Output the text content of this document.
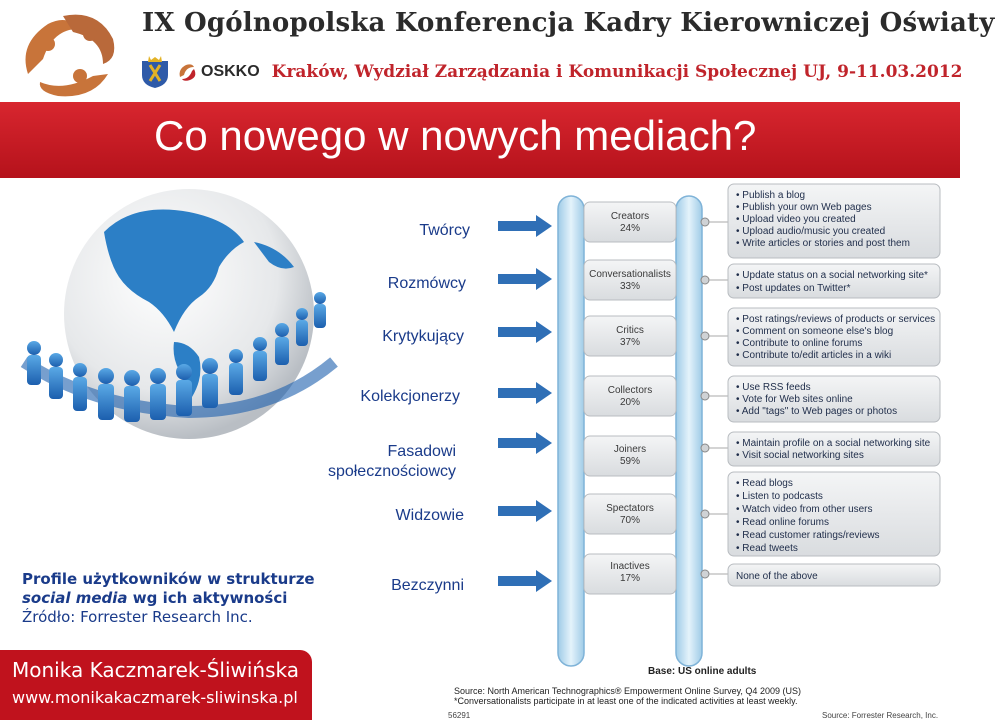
IX Ogólnopolska Konferencja Kadry Kierowniczej Oświaty
OSKKO Kraków, Wydział Zarządzania i Komunikacji Społecznej UJ, 9-11.03.2012
Co nowego w nowych mediach?
Twórcy
Rozmówcy
Krytykujący
Kolekcjonerzy
Fasadowi społecznościowcy
Widzowie
Bezczynni
Creators
24%
• Publish a blog
• Publish your own Web pages
• Upload video you created
• Upload audio/music you created
• Write articles or stories and post them
Conversationalists
33%
• Update status on a social networking site*
• Post updates on Twitter*
Critics
37%
• Post ratings/reviews of products or services
• Comment on someone else's blog
• Contribute to online forums
• Contribute to/edit articles in a wiki
Collectors
20%
• Use RSS feeds
• Vote for Web sites online
• Add "tags" to Web pages or photos
Joiners
59%
• Maintain profile on a social networking site
• Visit social networking sites
Spectators
70%
• Read blogs
• Listen to podcasts
• Watch video from other users
• Read online forums
• Read customer ratings/reviews
• Read tweets
Inactives
17%	None of the above
Base: US online adults
Source: North American Technographics® Empowerment Online Survey, Q4 2009 (US)
*Conversationalists participate in at least one of the indicated activities at least weekly.
56291	Source: Forrester Research, Inc.
Profile użytkowników w strukturze
social media wg ich aktywności
Źródło: Forrester Research Inc.
Monika Kaczmarek-Śliwińska
www.monikakaczmarek-sliwinska.pl
